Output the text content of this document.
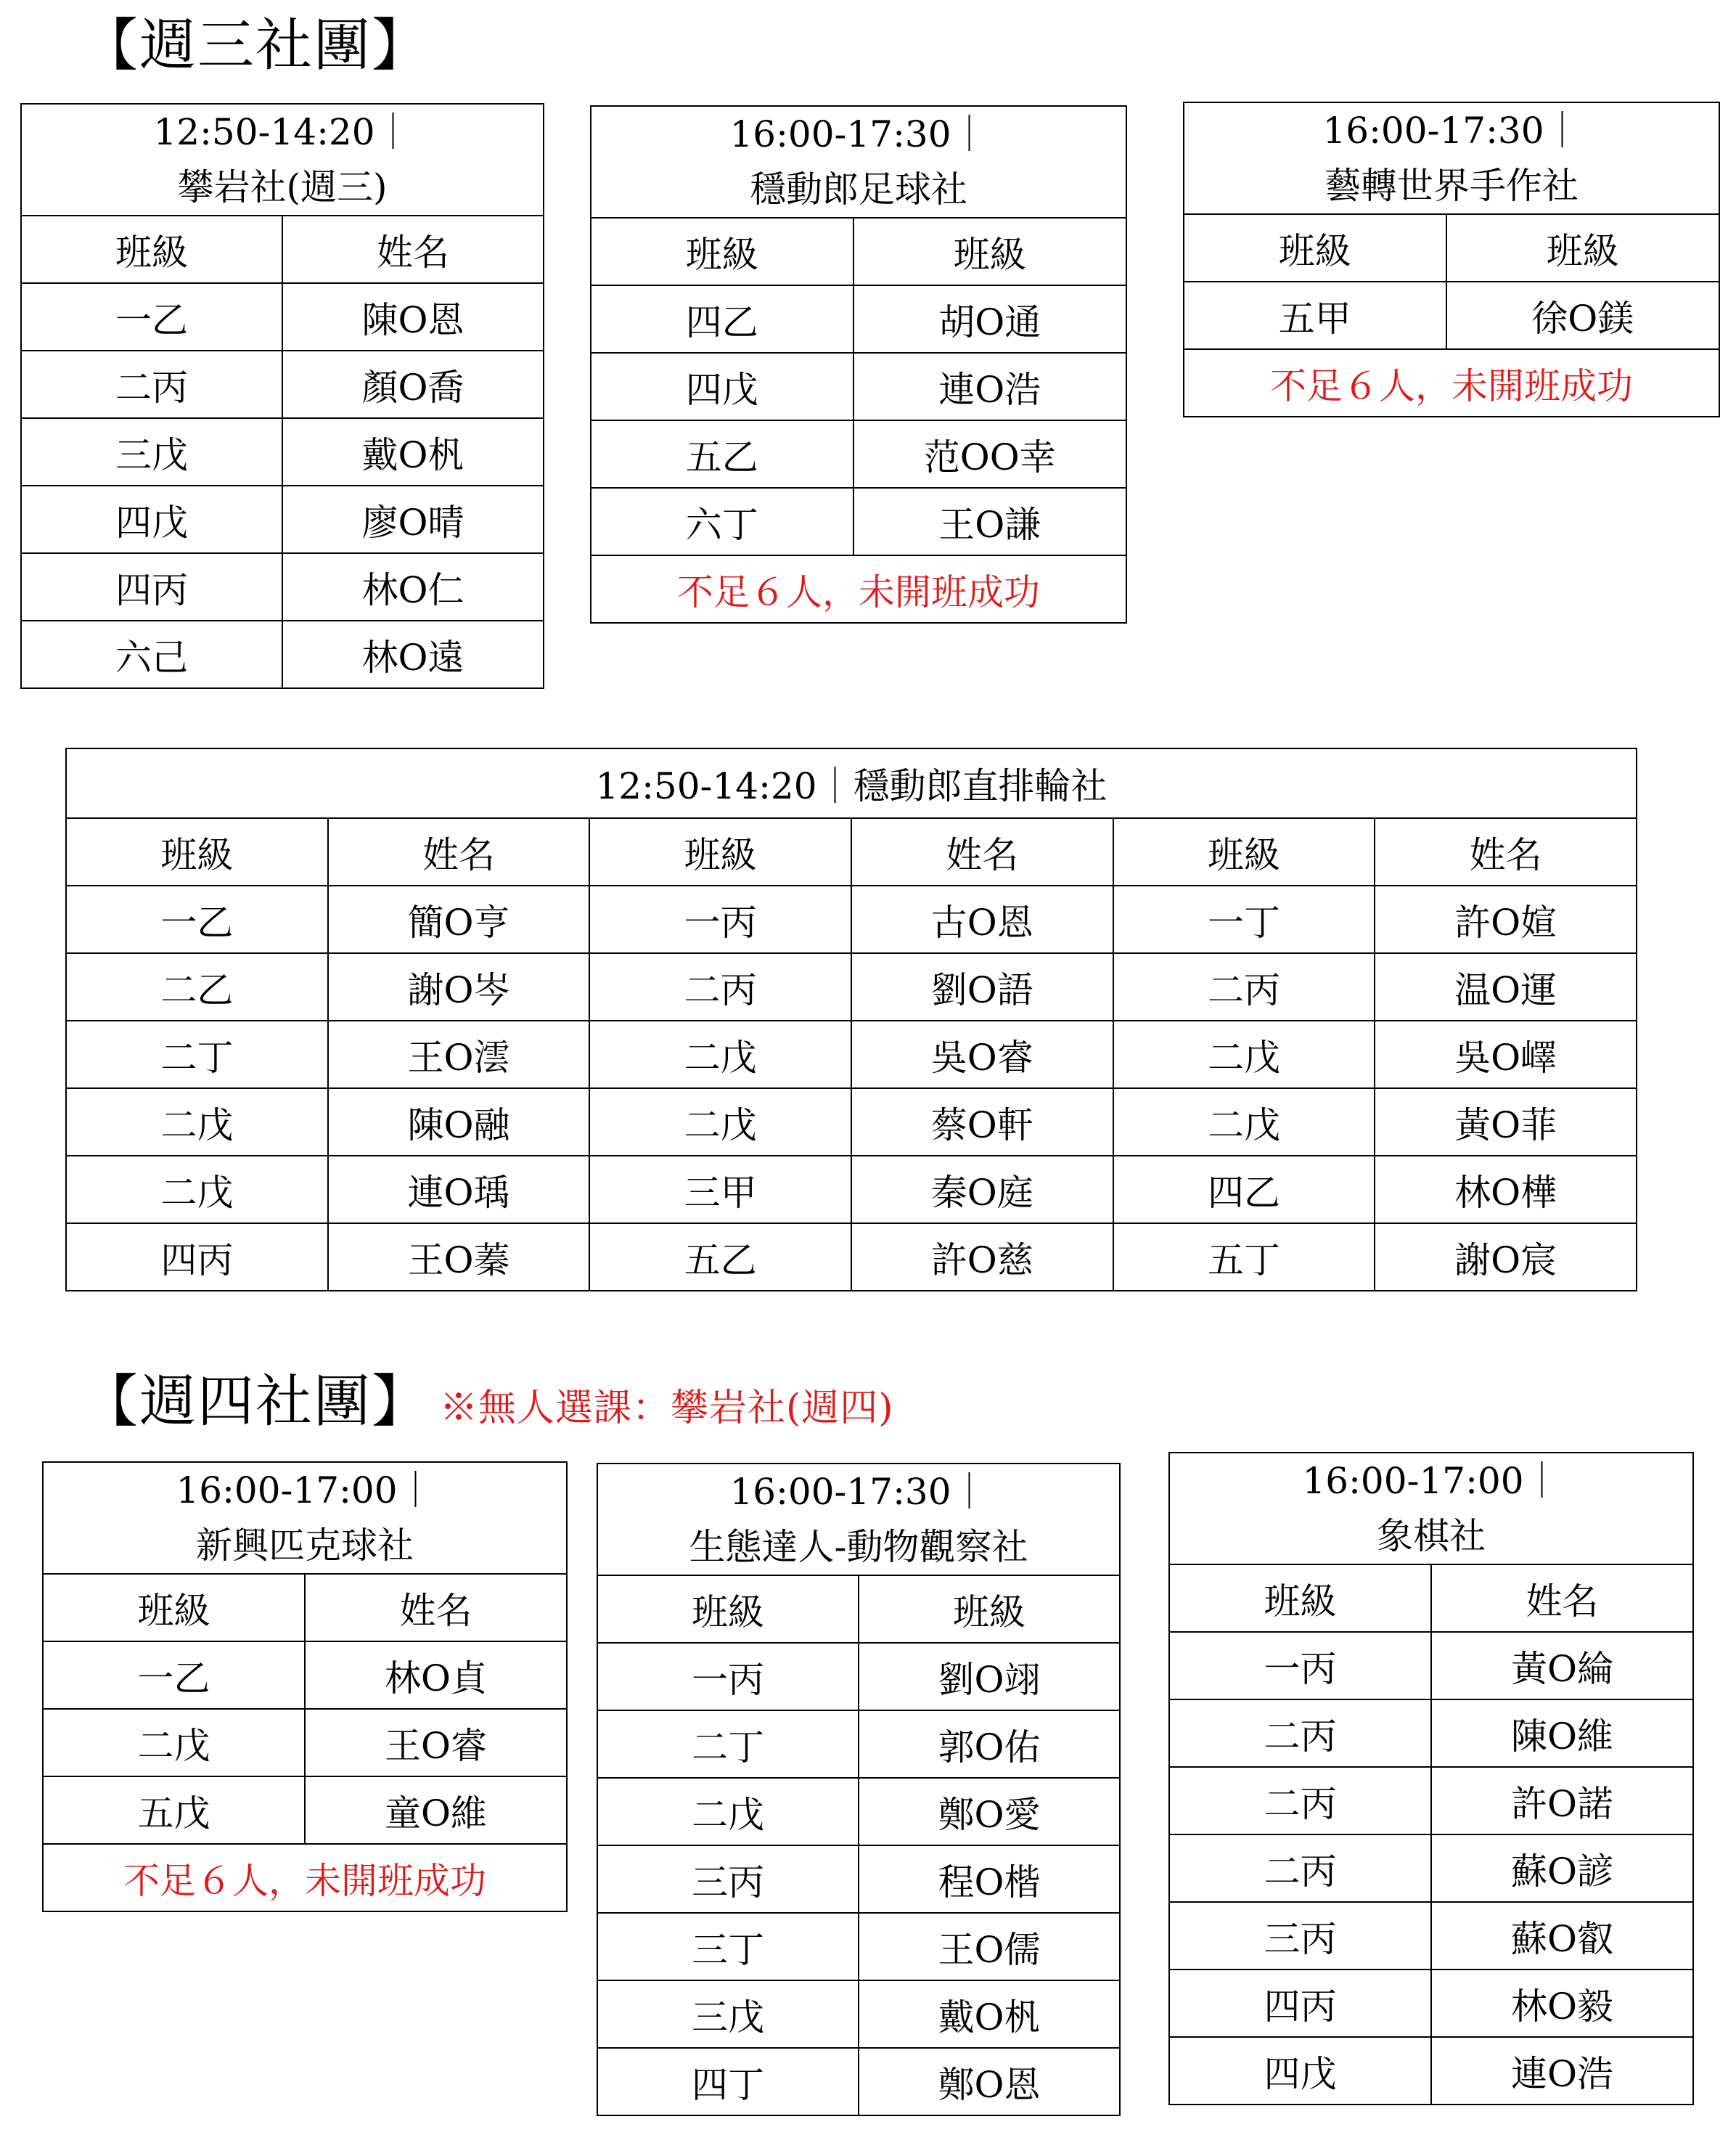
【週三社團】
12:50-14:20｜
攀岩社(週三)	

班級	姓名
一乙	陳O恩
二丙	顏O喬
三戊	戴O杋
四戊	廖O晴
四丙	林O仁
六己	林O遠
16:00-17:30｜
穩動郎足球社	

班級	班級
四乙	胡O通
四戊	連O浩
五乙	范OO幸
六丁	王O謙
不足６人，未開班成功	
16:00-17:30｜
藝轉世界手作社	

班級	班級
五甲	徐O鎂
不足６人，未開班成功	
12:50-14:20｜穩動郎直排輪社					
班級	姓名	班級	姓名	班級	姓名
一乙	簡O亨	一丙	古O恩	一丁	許O媗
二乙	謝O岑	二丙	劉O語	二丙	温O運
二丁	王O澐	二戊	吳O睿	二戊	吳O嶧
二戊	陳O融	二戊	蔡O軒	二戊	黃O菲
二戊	連O瑀	三甲	秦O庭	四乙	林O樺
四丙	王O蓁	五乙	許O慈	五丁	謝O宸
【週四社團】 ※無人選課：攀岩社(週四)
16:00-17:00｜
新興匹克球社	

班級	姓名
一乙	林O貞
二戊	王O睿
五戊	童O維
不足６人，未開班成功	
16:00-17:30｜
生態達人-動物觀察社	

班級	班級
一丙	劉O翊
二丁	郭O佑
二戊	鄭O愛
三丙	程O楷
三丁	王O儒
三戊	戴O杋
四丁	鄭O恩
16:00-17:00｜
象棋社	

班級	姓名
一丙	黃O綸
二丙	陳O維
二丙	許O諾
二丙	蘇O諺
三丙	蘇O叡
四丙	林O毅
四戊	連O浩
